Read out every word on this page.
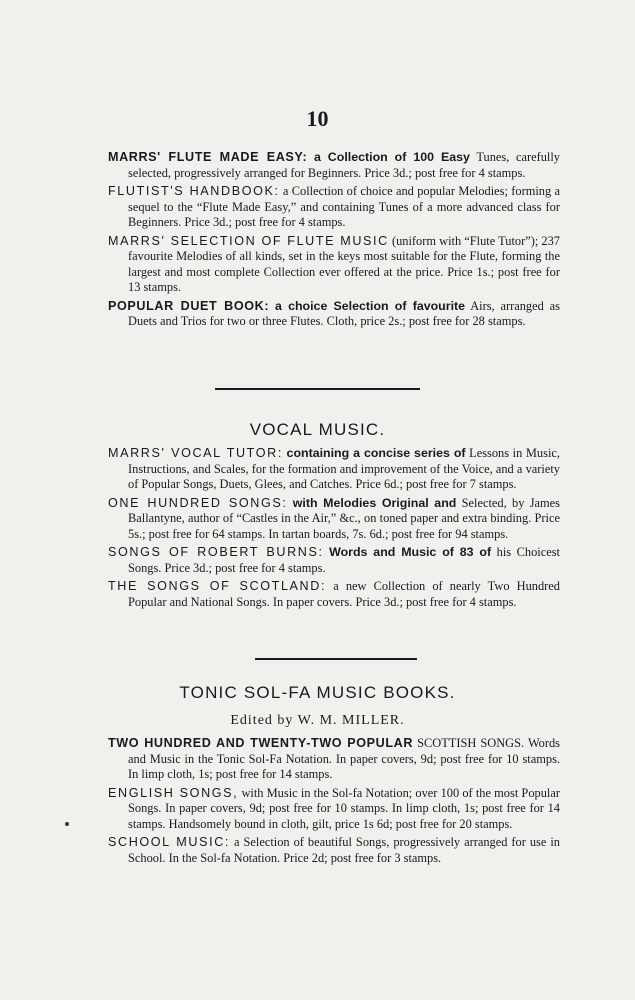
10
MARRS' FLUTE MADE EASY: a Collection of 100 Easy Tunes, carefully selected, progressively arranged for Beginners. Price 3d.; post free for 4 stamps.
FLUTIST'S HANDBOOK: a Collection of choice and popular Melodies; forming a sequel to the “Flute Made Easy,” and containing Tunes of a more advanced class for Beginners. Price 3d.; post free for 4 stamps.
MARRS' SELECTION OF FLUTE MUSIC (uniform with “Flute Tutor”); 237 favourite Melodies of all kinds, set in the keys most suitable for the Flute, forming the largest and most complete Collection ever offered at the price. Price 1s.; post free for 13 stamps.
POPULAR DUET BOOK: a choice Selection of favourite Airs, arranged as Duets and Trios for two or three Flutes. Cloth, price 2s.; post free for 28 stamps.
VOCAL MUSIC.
MARRS' VOCAL TUTOR: containing a concise series of Lessons in Music, Instructions, and Scales, for the formation and improvement of the Voice, and a variety of Popular Songs, Duets, Glees, and Catches. Price 6d.; post free for 7 stamps.
ONE HUNDRED SONGS: with Melodies Original and Selected, by James Ballantyne, author of “Castles in the Air,” &c., on toned paper and extra binding. Price 5s.; post free for 64 stamps. In tartan boards, 7s. 6d.; post free for 94 stamps.
SONGS OF ROBERT BURNS: Words and Music of 83 of his Choicest Songs. Price 3d.; post free for 4 stamps.
THE SONGS OF SCOTLAND: a new Collection of nearly Two Hundred Popular and National Songs. In paper covers. Price 3d.; post free for 4 stamps.
TONIC SOL-FA MUSIC BOOKS.
Edited by W. M. MILLER.
TWO HUNDRED AND TWENTY-TWO POPULAR SCOTTISH SONGS. Words and Music in the Tonic Sol-Fa Notation. In paper covers, 9d; post free for 10 stamps. In limp cloth, 1s; post free for 14 stamps.
ENGLISH SONGS, with Music in the Sol-fa Notation; over 100 of the most Popular Songs. In paper covers, 9d; post free for 10 stamps. In limp cloth, 1s; post free for 14 stamps. Handsomely bound in cloth, gilt, price 1s 6d; post free for 20 stamps.
SCHOOL MUSIC: a Selection of beautiful Songs, progressively arranged for use in School. In the Sol-fa Notation. Price 2d; post free for 3 stamps.
